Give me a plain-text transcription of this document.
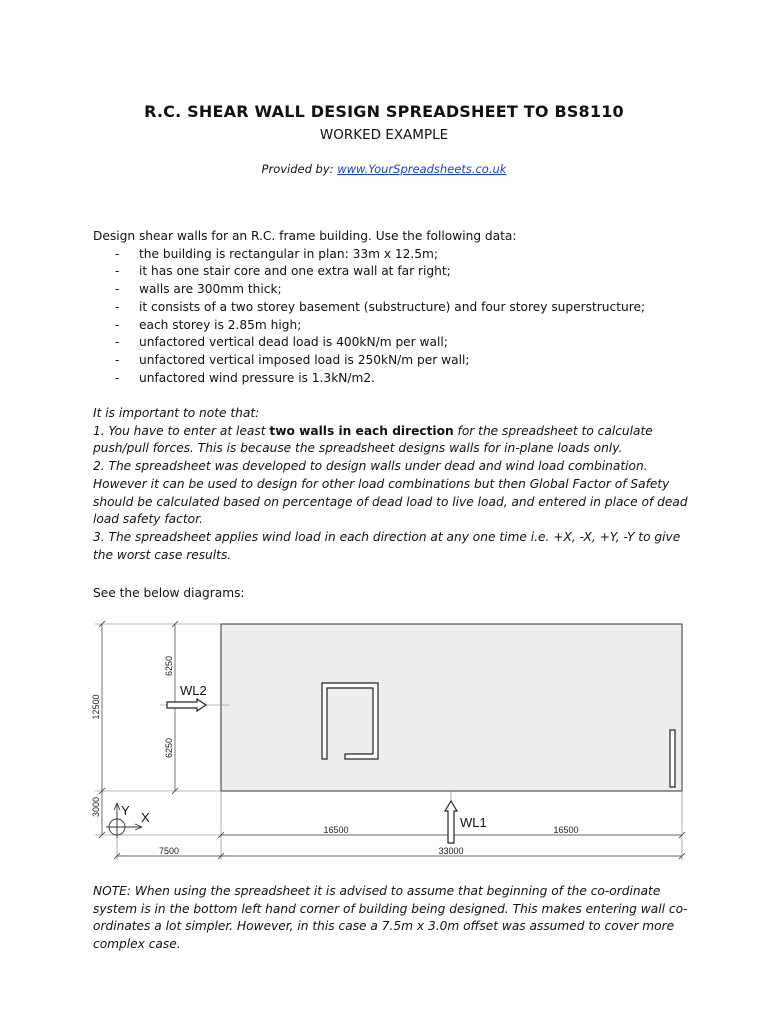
R.C. SHEAR WALL DESIGN SPREADSHEET TO BS8110
WORKED EXAMPLE
Provided by: www.YourSpreadsheets.co.uk
Design shear walls for an R.C. frame building. Use the following data:
- the building is rectangular in plan: 33m x 12.5m;
- it has one stair core and one extra wall at far right;
- walls are 300mm thick;
- it consists of a two storey basement (substructure) and four storey superstructure;
- each storey is 2.85m high;
- unfactored vertical dead load is 400kN/m per wall;
- unfactored vertical imposed load is 250kN/m per wall;
- unfactored wind pressure is 1.3kN/m2.

It is important to note that:

1. You have to enter at least two walls in each direction for the spreadsheet to calculate push/pull forces. This is because the spreadsheet designs walls for in-plane loads only.

2. The spreadsheet was developed to design walls under dead and wind load combination. However it can be used to design for other load combinations but then Global Factor of Safety should be calculated based on percentage of dead load to live load, and entered in place of dead load safety factor.

3. The spreadsheet applies wind load in each direction at any one time i.e. +X, -X, +Y, -Y to give the worst case results.

See the below diagrams:
12500
6250
6250
3000
16500	16500
7500	33000
WL2
WL1
Y X
NOTE: When using the spreadsheet it is advised to assume that beginning of the co-ordinate system is in the bottom left hand corner of building being designed. This makes entering wall co-ordinates a lot simpler. However, in this case a 7.5m x 3.0m offset was assumed to cover more complex case.
